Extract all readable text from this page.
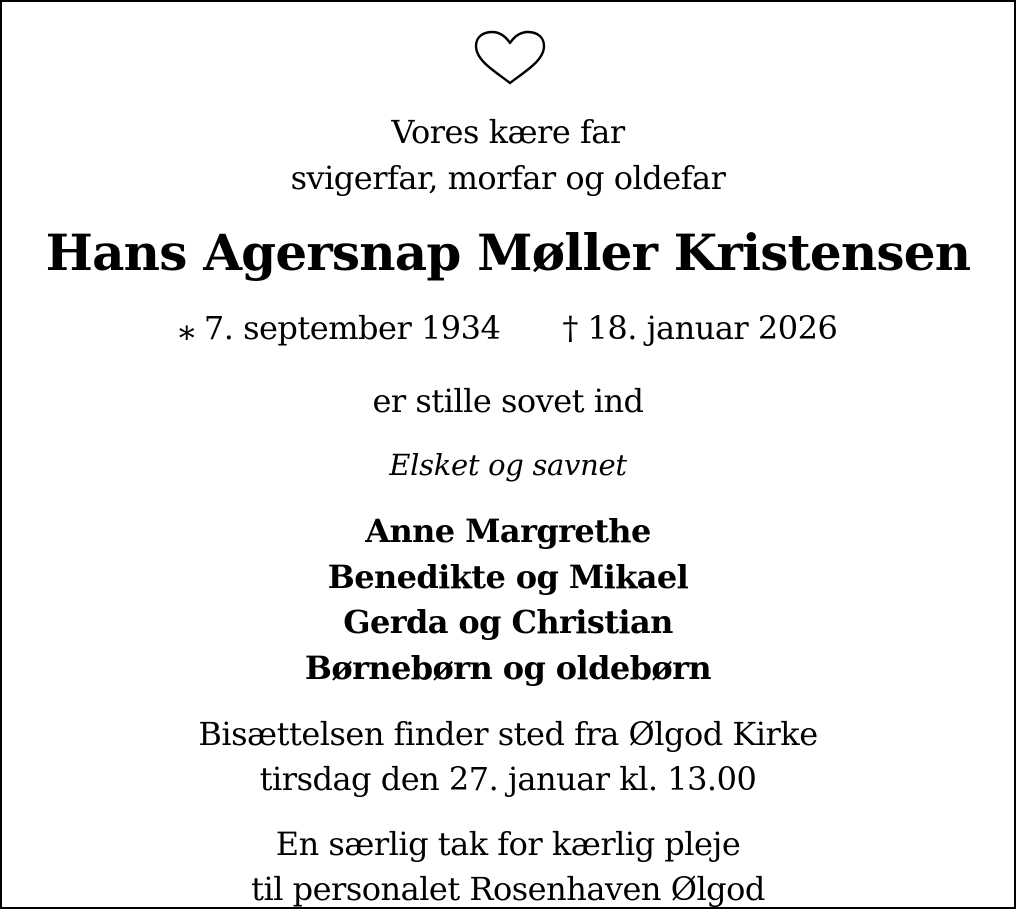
Vores kære far
svigerfar, morfar og oldefar
Hans Agersnap Møller Kristensen
⁎ 7. september 1934 † 18. januar 2026
er stille sovet ind
Elsket og savnet
Anne Margrethe
Benedikte og Mikael
Gerda og Christian
Børnebørn og oldebørn
Bisættelsen finder sted fra Ølgod Kirke
tirsdag den 27. januar kl. 13.00
En særlig tak for kærlig pleje
til personalet Rosenhaven Ølgod
